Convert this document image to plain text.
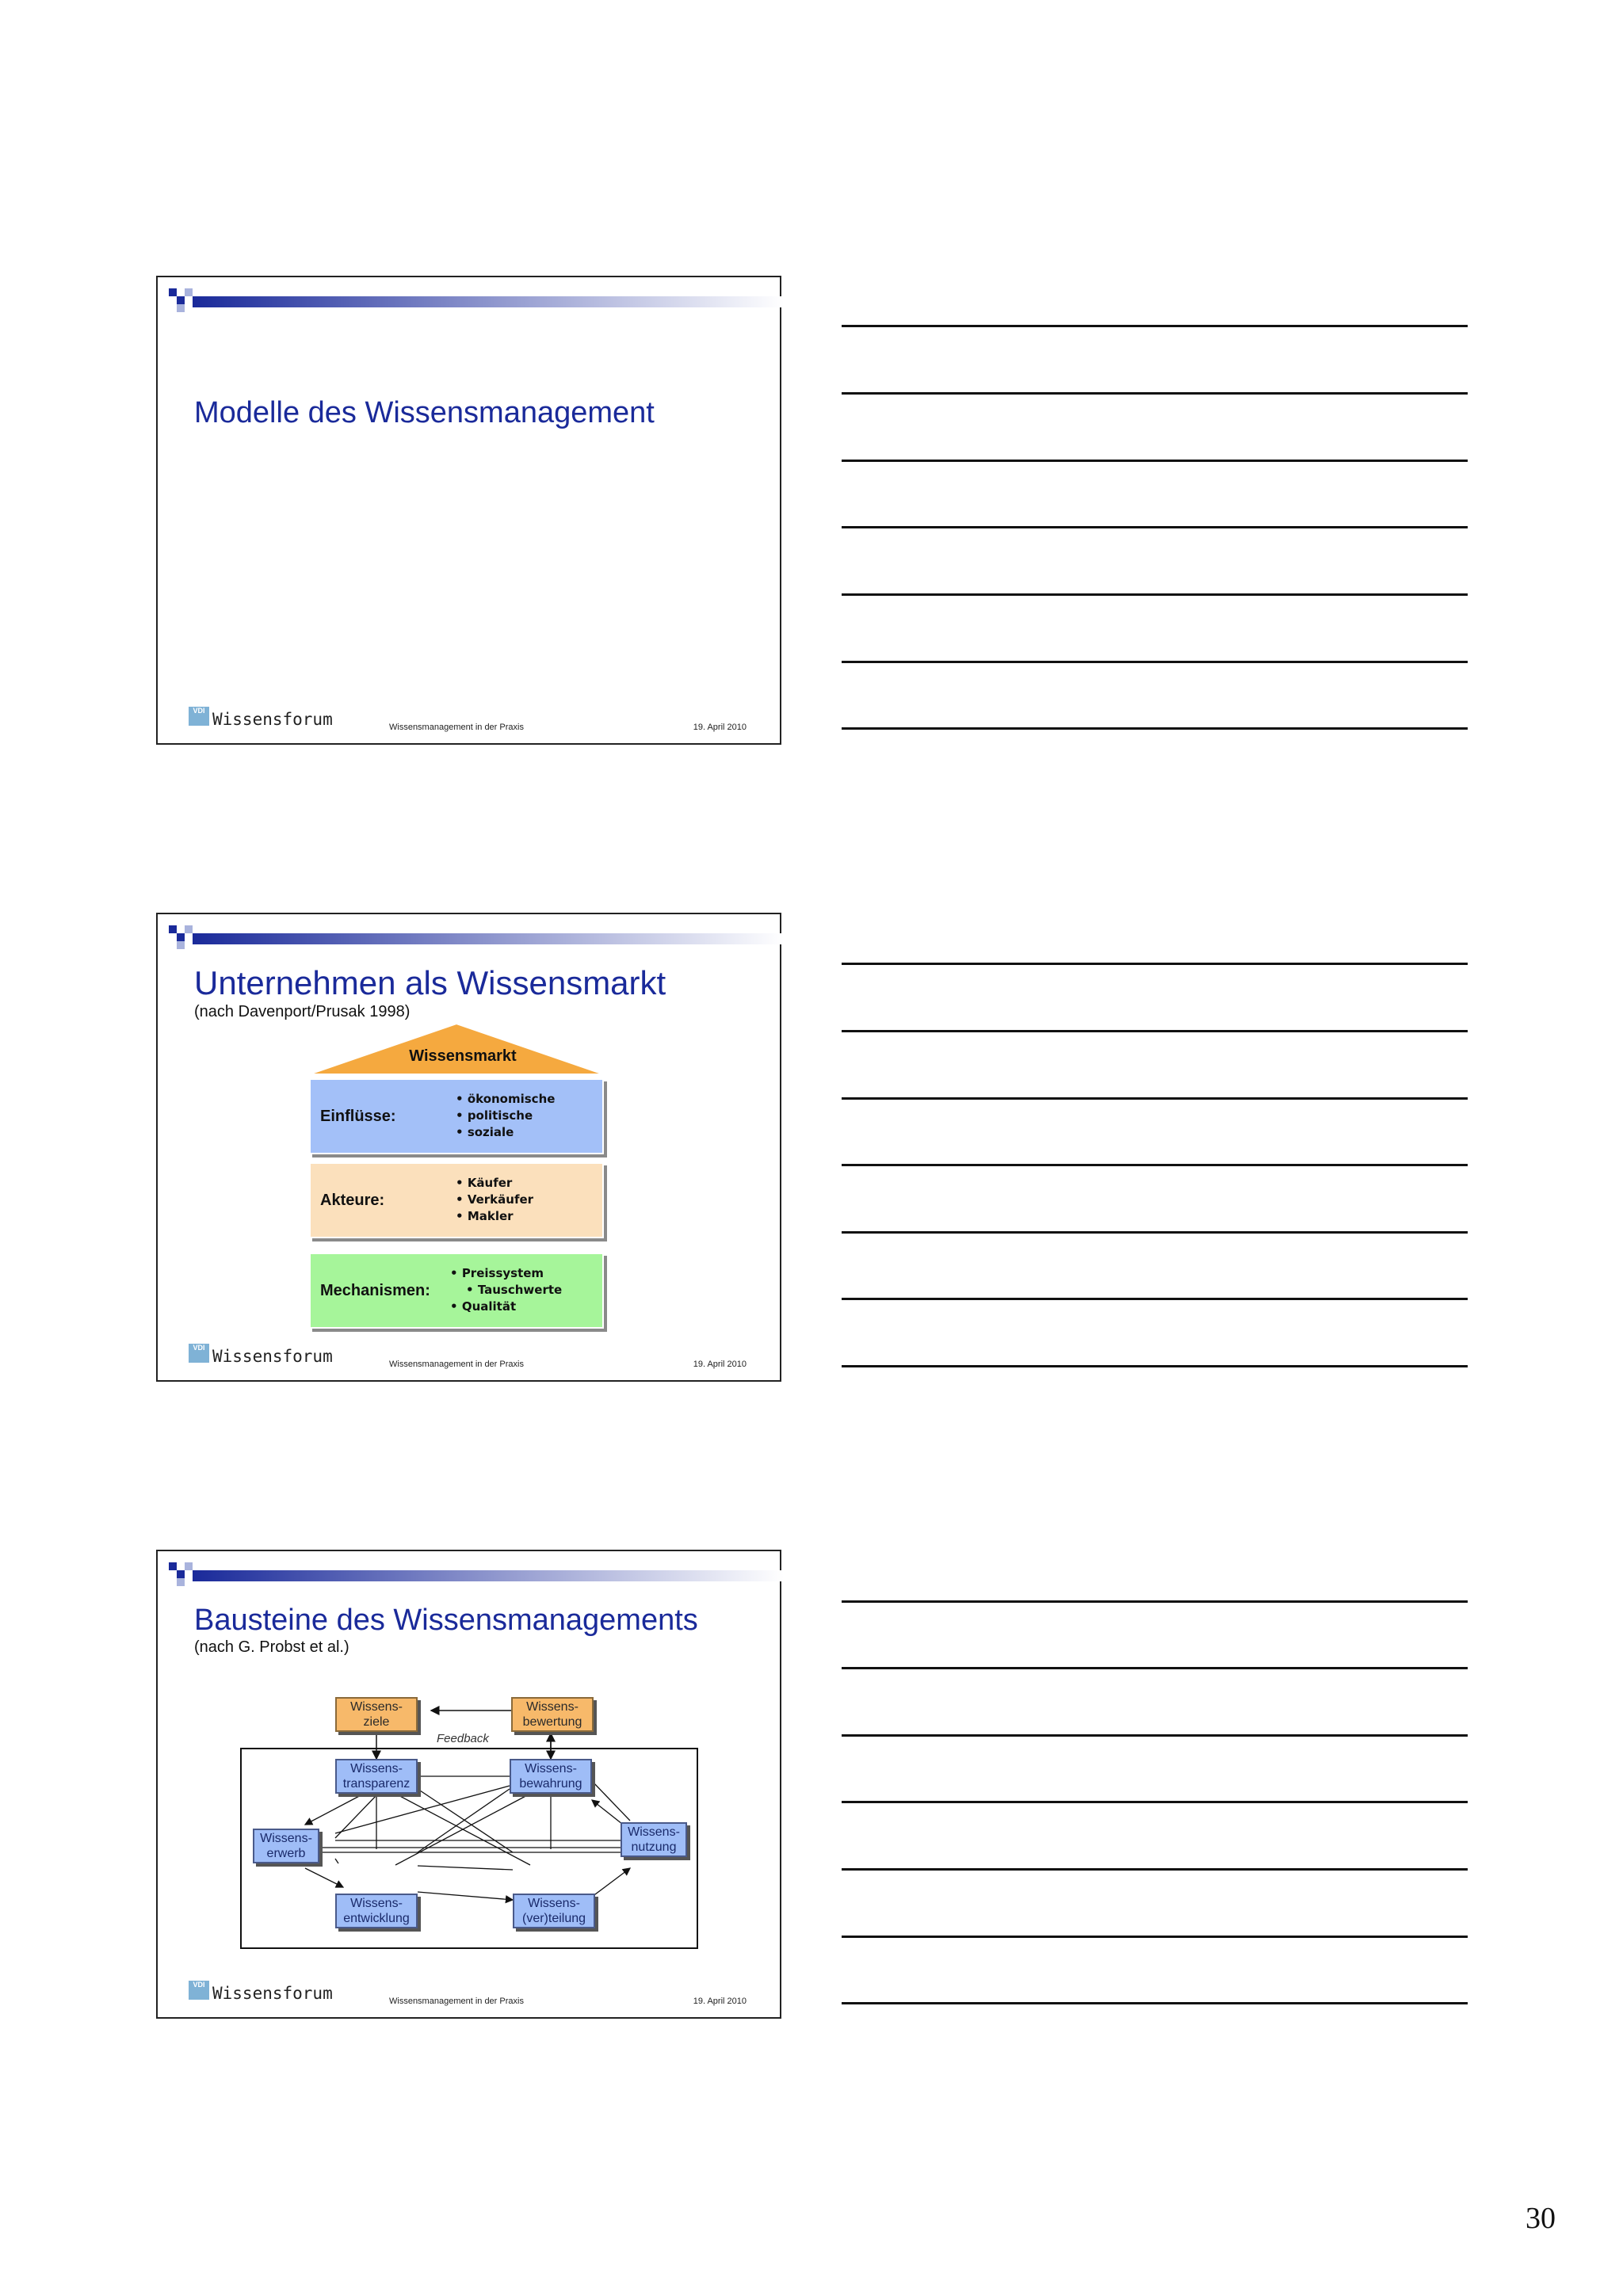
Modelle des Wissensmanagement
VDI Wissensforum	Wissensmanagement in der Praxis	19. April 2010
Unternehmen als Wissensmarkt
(nach Davenport/Prusak 1998)
Wissensmarkt
Einflüsse:
• ökonomische
• politische
• soziale
Akteure:
• Käufer
• Verkäufer
• Makler
Mechanismen:
• Preissystem
• Tauschwerte
• Qualität
VDI Wissensforum	Wissensmanagement in der Praxis	19. April 2010
Bausteine des Wissensmanagements
(nach G. Probst et al.)
Feedback
Wissens-
ziele
Wissens-
bewertung
Wissens-
transparenz
Wissens-
bewahrung
Wissens-
erwerb
Wissens-
nutzung
Wissens-
entwicklung
Wissens-
(ver)teilung
VDI Wissensforum	Wissensmanagement in der Praxis	19. April 2010
30
